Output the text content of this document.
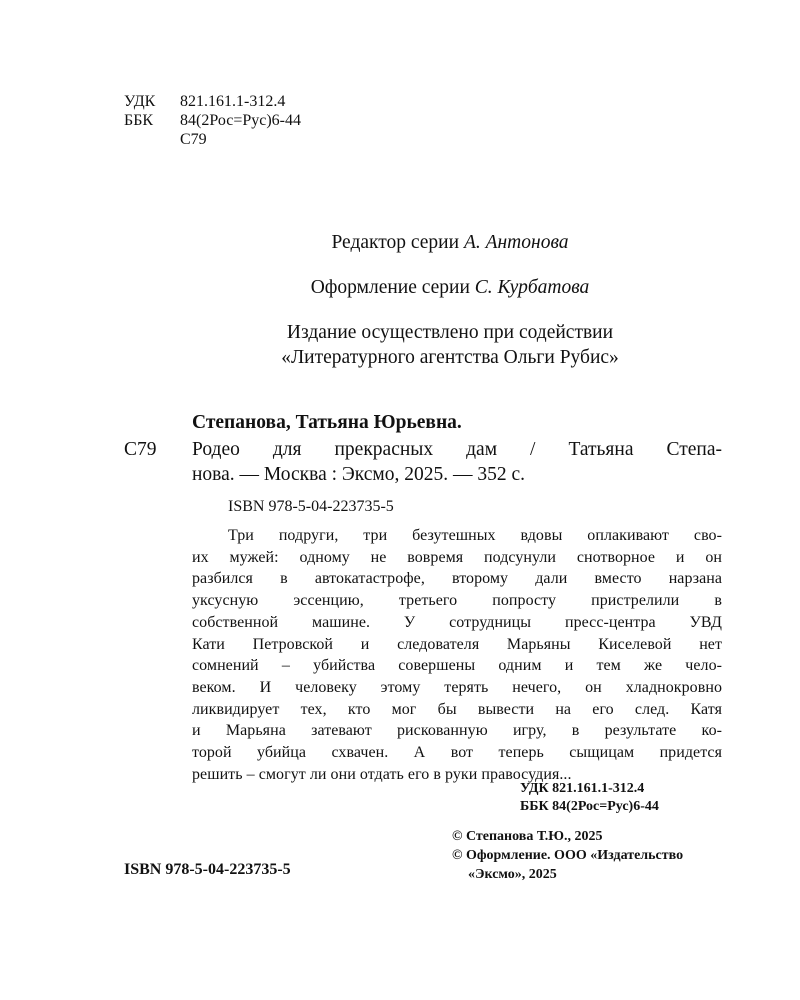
УДК 821.161.1-312.4
ББК 84(2Рос=Рус)6-44
С79
Редактор серии А. Антонова
Оформление серии С. Курбатова
Издание осуществлено при содействии
«Литературного агентства Ольги Рубис»
Степанова, Татьяна Юрьевна.
С79 Родео для прекрасных дам / Татьяна Степа-
нова. — Москва : Эксмо, 2025. — 352 с.
ISBN 978-5-04-223735-5
Три подруги, три безутешных вдовы оплакивают сво-
их мужей: одному не вовремя подсунули снотворное и он
разбился в автокатастрофе, второму дали вместо нарзана
уксусную эссенцию, третьего попросту пристрелили в
собственной машине. У сотрудницы пресс-центра УВД
Кати Петровской и следователя Марьяны Киселевой нет
сомнений – убийства совершены одним и тем же чело-
веком. И человеку этому терять нечего, он хладнокровно
ликвидирует тех, кто мог бы вывести на его след. Катя
и Марьяна затевают рискованную игру, в результате ко-
торой убийца схвачен. А вот теперь сыщицам придется
решить – смогут ли они отдать его в руки правосудия...
УДК 821.161.1-312.4
ББК 84(2Рос=Рус)6-44
© Степанова Т.Ю., 2025
© Оформление. ООО «Издательство
«Эксмо», 2025
ISBN 978-5-04-223735-5
